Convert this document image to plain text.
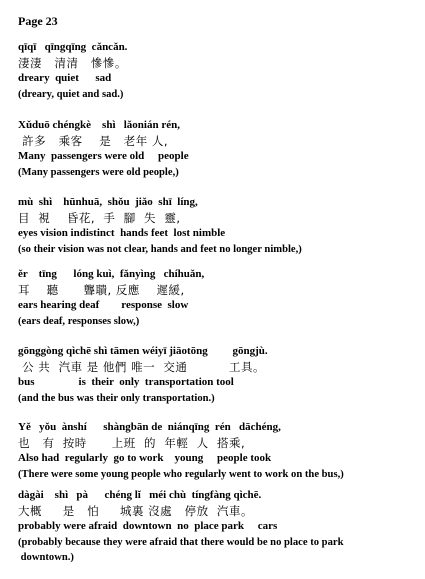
Page 23
qīqī   qīngqīng  cǎncǎn.
淒淒   清清   慘慘。
dreary  quiet      sad
(dreary, quiet and sad.)
Xǔduō chéngkè    shì   lǎonián rén,
許多   乘客    是   老年 人,
Many  passengers were old     people
(Many passengers were old people,)
mù  shì    hūnhuā,  shǒu  jiǎo  shī  líng,
目  視    昏花,  手  腳  失  靈,
eyes vision indistinct  hands feet  lost nimble
(so their vision was not clear, hands and feet no longer nimble,)
ěr    tīng      lóng kuì,  fǎnyìng   chíhuǎn,
耳    聽      聾聵, 反應    遲緩,
ears hearing deaf        response  slow
(ears deaf, responses slow,)
gōnggòng qìchē shì tāmen wéiyī jiāotōng         gōngjù.
公 共  汽車 是 他們 唯一  交通          工具。
bus                is  their  only  transportation tool
(and the bus was their only transportation.)
Yě   yǒu  ànshí      shàngbān de  niánqīng  rén   dāchéng,
也   有  按時      上班  的  年輕  人  搭乘,
Also had  regularly  go to work    young     people took
(There were some young people who regularly went to work on the bus,)
dàgài    shì   pà      chéng lǐ   méi chù  tíngfàng qìchē.
大概     是   怕     城裏 沒處   停放  汽車。
probably were afraid  downtown  no  place park     cars
(probably because they were afraid that there would be no place to park
downtown.)
